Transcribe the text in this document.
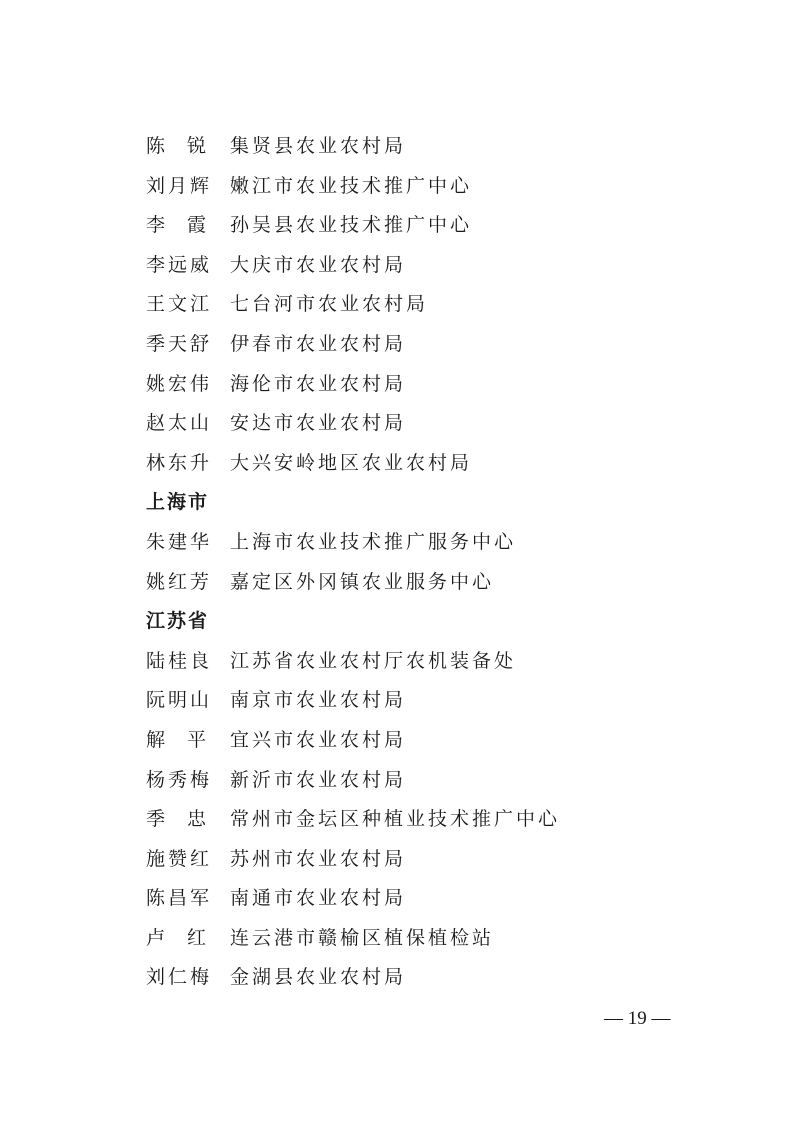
陈 锐 集贤县农业农村局
刘月辉 嫩江市农业技术推广中心
李 霞 孙吴县农业技术推广中心
李远威 大庆市农业农村局
王文江 七台河市农业农村局
季天舒 伊春市农业农村局
姚宏伟 海伦市农业农村局
赵太山 安达市农业农村局
林东升 大兴安岭地区农业农村局
上海市
朱建华 上海市农业技术推广服务中心
姚红芳 嘉定区外冈镇农业服务中心
江苏省
陆桂良 江苏省农业农村厅农机装备处
阮明山 南京市农业农村局
解 平 宜兴市农业农村局
杨秀梅 新沂市农业农村局
季 忠 常州市金坛区种植业技术推广中心
施赞红 苏州市农业农村局
陈昌军 南通市农业农村局
卢 红 连云港市赣榆区植保植检站
刘仁梅 金湖县农业农村局
— 19 —
